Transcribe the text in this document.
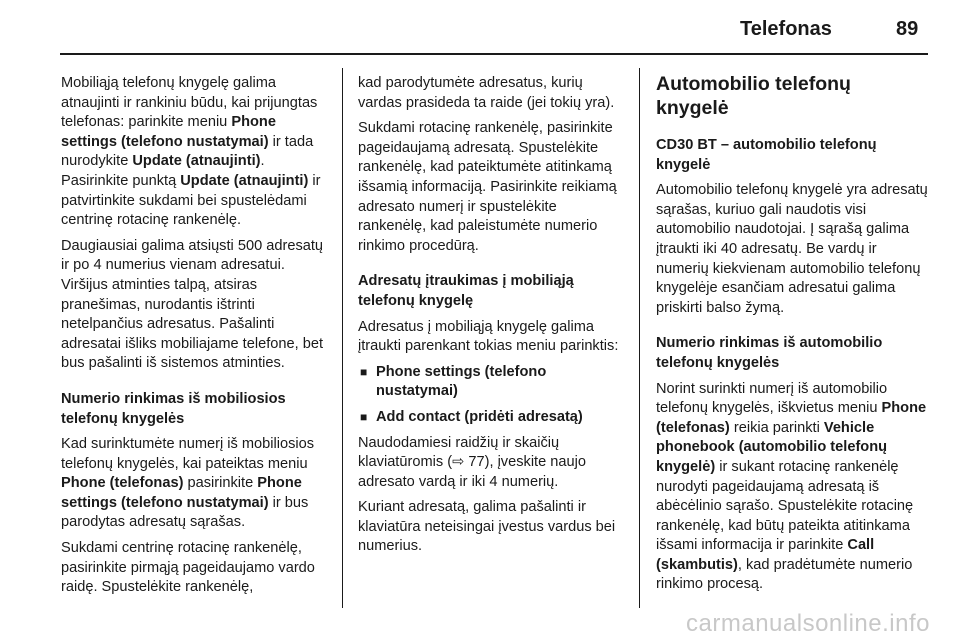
Telefonas	89

Mobiliąją telefonų knygelę galima atnaujinti ir rankiniu būdu, kai prijungtas telefonas: parinkite meniu Phone settings (telefono nustatymai) ir tada nurodykite Update (atnaujinti). Pasirinkite punktą Update (atnaujinti) ir patvirtinkite sukdami bei spustelėdami centrinę rotacinę rankenėlę.

Daugiausiai galima atsiųsti 500 adresatų ir po 4 numerius vienam adresatui. Viršijus atminties talpą, atsiras pranešimas, nurodantis ištrinti netelpančius adresatus. Pašalinti adresatai išliks mobiliajame telefone, bet bus pašalinti iš sistemos atminties.

Numerio rinkimas iš mobiliosios telefonų knygelės

Kad surinktumėte numerį iš mobiliosios telefonų knygelės, kai pateiktas meniu Phone (telefonas) pasirinkite Phone settings (telefono nustatymai) ir bus parodytas adresatų sąrašas.

Sukdami centrinę rotacinę rankenėlę, pasirinkite pirmąją pageidaujamo vardo raidę. Spustelėkite rankenėlę,

kad parodytumėte adresatus, kurių vardas prasideda ta raide (jei tokių yra).

Sukdami rotacinę rankenėlę, pasirinkite pageidaujamą adresatą. Spustelėkite rankenėlę, kad pateiktumėte atitinkamą išsamią informaciją. Pasirinkite reikiamą adresato numerį ir spustelėkite rankenėlę, kad paleistumėte numerio rinkimo procedūrą.

Adresatų įtraukimas į mobiliąją telefonų knygelę

Adresatus į mobiliąją knygelę galima įtraukti parenkant tokias meniu parinktis:

■ Phone settings (telefono nustatymai)
■ Add contact (pridėti adresatą)

Naudodamiesi raidžių ir skaičių klaviatūromis (⇨ 77), įveskite naujo adresato vardą ir iki 4 numerių.

Kuriant adresatą, galima pašalinti ir klaviatūra neteisingai įvestus vardus bei numerius.

Automobilio telefonų knygelė

CD30 BT – automobilio telefonų knygelė

Automobilio telefonų knygelė yra adresatų sąrašas, kuriuo gali naudotis visi automobilio naudotojai. Į sąrašą galima įtraukti iki 40 adresatų. Be vardų ir numerių kiekvienam automobilio telefonų knygelėje esančiam adresatui galima priskirti balso žymą.

Numerio rinkimas iš automobilio telefonų knygelės

Norint surinkti numerį iš automobilio telefonų knygelės, iškvietus meniu Phone (telefonas) reikia parinkti Vehicle phonebook (automobilio telefonų knygelė) ir sukant rotacinę rankenėlę nurodyti pageidaujamą adresatą iš abėcėlinio sąrašo. Spustelėkite rotacinę rankenėlę, kad būtų pateikta atitinkama išsami informacija ir parinkite Call (skambutis), kad pradėtumėte numerio rinkimo procesą.

carmanualsonline.info
